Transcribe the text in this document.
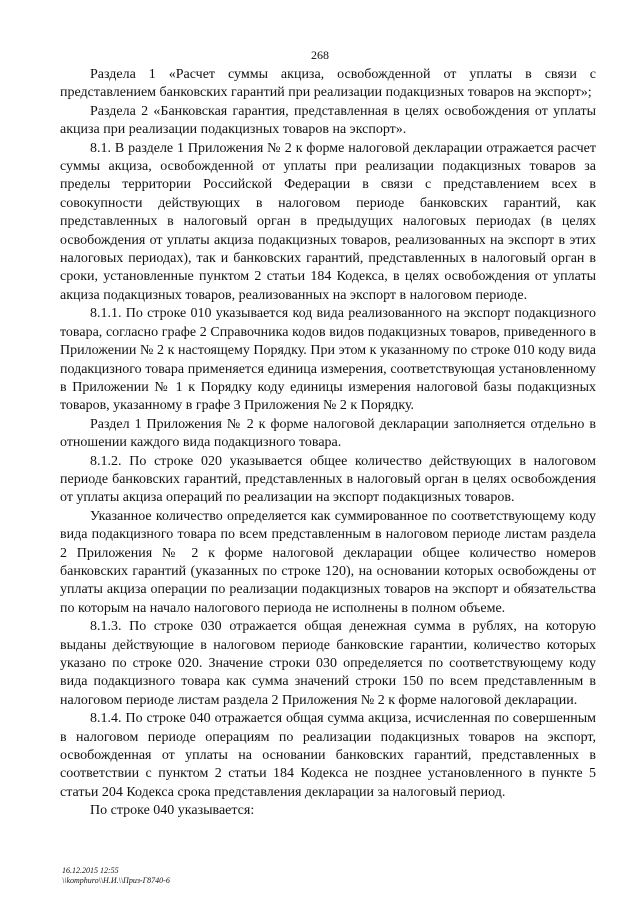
268

Раздела 1 «Расчет суммы акциза, освобожденной от уплаты в связи с представлением банковских гарантий при реализации подакцизных товаров на экспорт»;

Раздела 2 «Банковская гарантия, представленная в целях освобождения от уплаты акциза при реализации подакцизных товаров на экспорт».

8.1. В разделе 1 Приложения № 2 к форме налоговой декларации отражается расчет суммы акциза, освобожденной от уплаты при реализации подакцизных товаров за пределы территории Российской Федерации в связи с представлением всех в совокупности действующих в налоговом периоде банковских гарантий, как представленных в налоговый орган в предыдущих налоговых периодах (в целях освобождения от уплаты акциза подакцизных товаров, реализованных на экспорт в этих налоговых периодах), так и банковских гарантий, представленных в налоговый орган в сроки, установленные пунктом 2 статьи 184 Кодекса, в целях освобождения от уплаты акциза подакцизных товаров, реализованных на экспорт в налоговом периоде.

8.1.1. По строке 010 указывается код вида реализованного на экспорт подакцизного товара, согласно графе 2 Справочника кодов видов подакцизных товаров, приведенного в Приложении № 2 к настоящему Порядку. При этом к указанному по строке 010 коду вида подакцизного товара применяется единица измерения, соответствующая установленному в Приложении № 1 к Порядку коду единицы измерения налоговой базы подакцизных товаров, указанному в графе 3 Приложения № 2 к Порядку.

Раздел 1 Приложения № 2 к форме налоговой декларации заполняется отдельно в отношении каждого вида подакцизного товара.

8.1.2. По строке 020 указывается общее количество действующих в налоговом периоде банковских гарантий, представленных в налоговый орган в целях освобождения от уплаты акциза операций по реализации на экспорт подакцизных товаров.

Указанное количество определяется как суммированное по соответствующему коду вида подакцизного товара по всем представленным в налоговом периоде листам раздела 2 Приложения № 2 к форме налоговой декларации общее количество номеров банковских гарантий (указанных по строке 120), на основании которых освобождены от уплаты акциза операции по реализации подакцизных товаров на экспорт и обязательства по которым на начало налогового периода не исполнены в полном объеме.

8.1.3. По строке 030 отражается общая денежная сумма в рублях, на которую выданы действующие в налоговом периоде банковские гарантии, количество которых указано по строке 020. Значение строки 030 определяется по соответствующему коду вида подакцизного товара как сумма значений строки 150 по всем представленным в налоговом периоде листам раздела 2 Приложения № 2 к форме налоговой декларации.

8.1.4. По строке 040 отражается общая сумма акциза, исчисленная по совершенным в налоговом периоде операциям по реализации подакцизных товаров на экспорт, освобожденная от уплаты на основании банковских гарантий, представленных в соответствии с пунктом 2 статьи 184 Кодекса не позднее установленного в пункте 5 статьи 204 Кодекса срока представления декларации за налоговый период.

По строке 040 указывается:

16.12.2015 12:55
\\komphuro\\Н.И.\\Приз-Г8740-6
